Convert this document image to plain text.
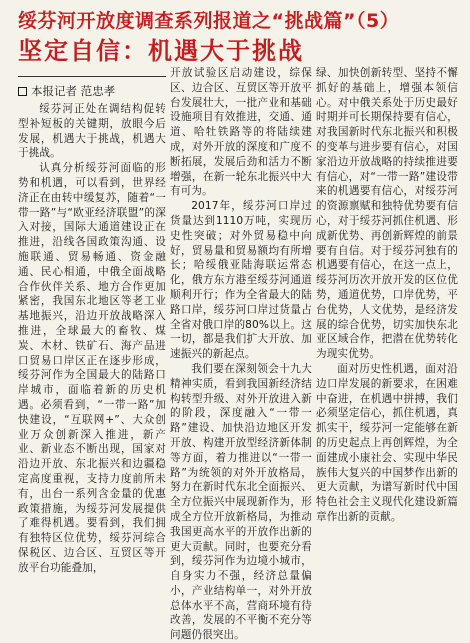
绥芬河开放度调查系列报道之“挑战篇”（5）
坚定自信：机遇大于挑战
本报记者 范忠孝

绥芬河正处在调结构促转型补短板的关键期，放眼今后发展，机遇大于挑战，机遇大于挑战。

认真分析绥芬河面临的形势和机遇，可以看到，世界经济正在由转中缓复苏，随着“一带一路”与“欧亚经济联盟”的深入对接，国际大通道建设正在推进，沿线各国政策沟通、设施联通、贸易畅通、资金融通、民心相通，中俄全面战略合作伙伴关系、地方合作更加紧密，我国东北地区等老工业基地振兴，沿边开放战略深入推进，全球最大的畜牧、煤炭、木材、铁矿石、海产品进口贸易口岸区正在逐步形成，绥芬河作为全国最大的陆路口岸城市，面临着新的历史机遇。必须看到，“一带一路”加快建设，“互联网+”、大众创业万众创新深入推进，新产业、新业态不断出现，国家对沿边开放、东北振兴和边疆稳定高度重视，支持力度前所未有，出台一系列含金量的优惠政策措施，为绥芬河发展提供了难得机遇。要看到，我们拥有独特区位优势，绥芬河综合保税区、边合区、互贸区等开放平台功能叠加，

开放试验区启动建设，综保区、边合区、互贸区等开放平台发展壮大，一批产业和基础设施项目有效推进，交通、通道、哈牡铁路等的将陆续建成，对外开放的深度和广度不断拓展，发展后劲和活力不断增强，在新一轮东北振兴中大有可为。

2017年，绥芬河口岸过货量达到1110万吨，实现历史性突破；对外贸易稳中向好，贸易量和贸易额均有所增长；哈绥俄亚陆海联运常态化，俄方东方港至绥芬河通道顺利开行；作为全省最大的陆路口岸，绥芬河口岸过货量占全省对俄口岸的80%以上。这一切，都是我们扩大开放、加速振兴的新起点。

我们要在深刻领会十九大精神实质，看到我国新经济结构转型升级、对外开放进入新的阶段，深度融入“一带一路”建设、加快沿边地区开发开放、构建开放型经济新体制等方面，着力推进以“一带一路”为统领的对外开放格局，努力在新时代东北全面振兴、全方位振兴中展现新作为，形成全方位开放新格局，为推动我国更高水平的开放作出新的更大贡献。同时，也要充分看到，绥芬河作为边境小城市，自身实力不强，经济总量偏小，产业结构单一，对外开放总体水平不高，营商环境有待改善，发展的不平衡不充分等问题仍很突出。

绿、加快创新转型、坚持不懈抓好的基础上，增强本领信心。对中俄关系处于历史最好时期并可长期保持要有信心，对我国新时代东北振兴和积极的变革与进步要有信心，对国家沿边开放战略的持续推进要有信心，对“一带一路”建设带来的机遇要有信心，对绥芬河的资源禀赋和独特优势要有信心，对于绥芬河抓住机遇、形成新优势、再创新辉煌的前景要有自信。对于绥芬河独有的机遇要有信心，在这一点上，绥芬河历次开放开发的区位优势，通道优势，口岸优势，平台优势，人文优势，是经济发展的综合优势，切实加快东北亚区域合作，把潜在优势转化为现实优势。

面对历史性机遇，面对沿边口岸发展的新要求，在困难中奋进，在机遇中拼搏，我们必须坚定信心，抓住机遇，真抓实干，绥芬河一定能够在新的历史起点上再创辉煌，为全面建成小康社会、实现中华民族伟大复兴的中国梦作出新的更大贡献，为谱写新时代中国特色社会主义现代化建设新篇章作出新的贡献。
